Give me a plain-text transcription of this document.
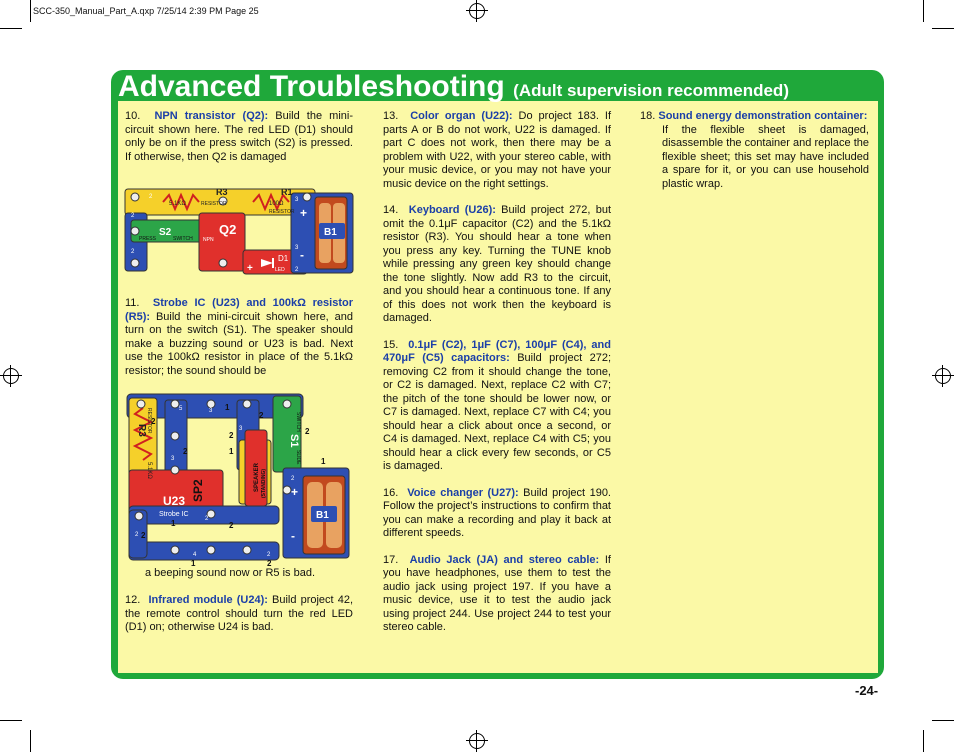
SCC-350_Manual_Part_A.qxp 7/25/14 2:39 PM Page 25
Advanced Troubleshooting (Adult supervision recommended)
10. NPN transistor (Q2): Build the mini-circuit shown here. The red LED (D1) should only be on if the press switch (S2) is pressed. If otherwise, then Q2 is damaged
11. Strobe IC (U23) and 100kΩ resistor (R5): Build the mini-circuit shown here, and turn on the switch (S1). The speaker should make a buzzing sound or U23 is bad. Next use the 100kΩ resistor in place of the 5.1kΩ resistor; the sound should be
a beeping sound now or R5 is bad.
12. Infrared module (U24): Build project 42, the remote control should turn the red LED (D1) on; otherwise U24 is bad.
R3
5.1KΩ	RESISTOR
R1
100Ω
RESISTOR
S2
PRESS	SWITCH
Q2
NPN
D1
LED
+
+
-
B1
2
2
2
3
3
2
R3 RESISTOR
5.1KΩ
S1
SLIDE
SWITCH
SP2	SPEAKER (STANDING)
U23
Strobe IC
+
-
B1
2
1
2
1
2
2
1
2
1	2
1	2
2
4
5	3
3
3
2
2
2
2
13. Color organ (U22): Do project 183. If parts A or B do not work, U22 is damaged. If part C does not work, then there may be a problem with U22, with your stereo cable, with your music device, or you may not have your music device on the right settings.
14. Keyboard (U26): Build project 272, but omit the 0.1μF capacitor (C2) and the 5.1kΩ resistor (R3). You should hear a tone when you press any key. Turning the TUNE knob while pressing any green key should change the tone slightly. Now add R3 to the circuit, and you should hear a continuous tone. If any of this does not work then the keyboard is damaged.
15. 0.1μF (C2), 1μF (C7), 100μF (C4), and 470μF (C5) capacitors: Build project 272; removing C2 from it should change the tone, or C2 is damaged. Next, replace C2 with C7; the pitch of the tone should be lower now, or C7 is damaged. Next, replace C7 with C4; you should hear a click about once a second, or C4 is damaged. Next, replace C4 with C5; you should hear a click every few seconds, or C5 is damaged.
16. Voice changer (U27): Build project 190. Follow the project’s instructions to confirm that you can make a recording and play it back at different speeds.
17. Audio Jack (JA) and stereo cable: If you have headphones, use them to test the audio jack using project 197. If you have a music device, use it to test the audio jack using project 244. Use project 244 to test your stereo cable.
18. Sound energy demonstration container:
If the flexible sheet is damaged, disassemble the container and replace the flexible sheet; this set may have included a spare for it, or you can use household plastic wrap.
-24-
